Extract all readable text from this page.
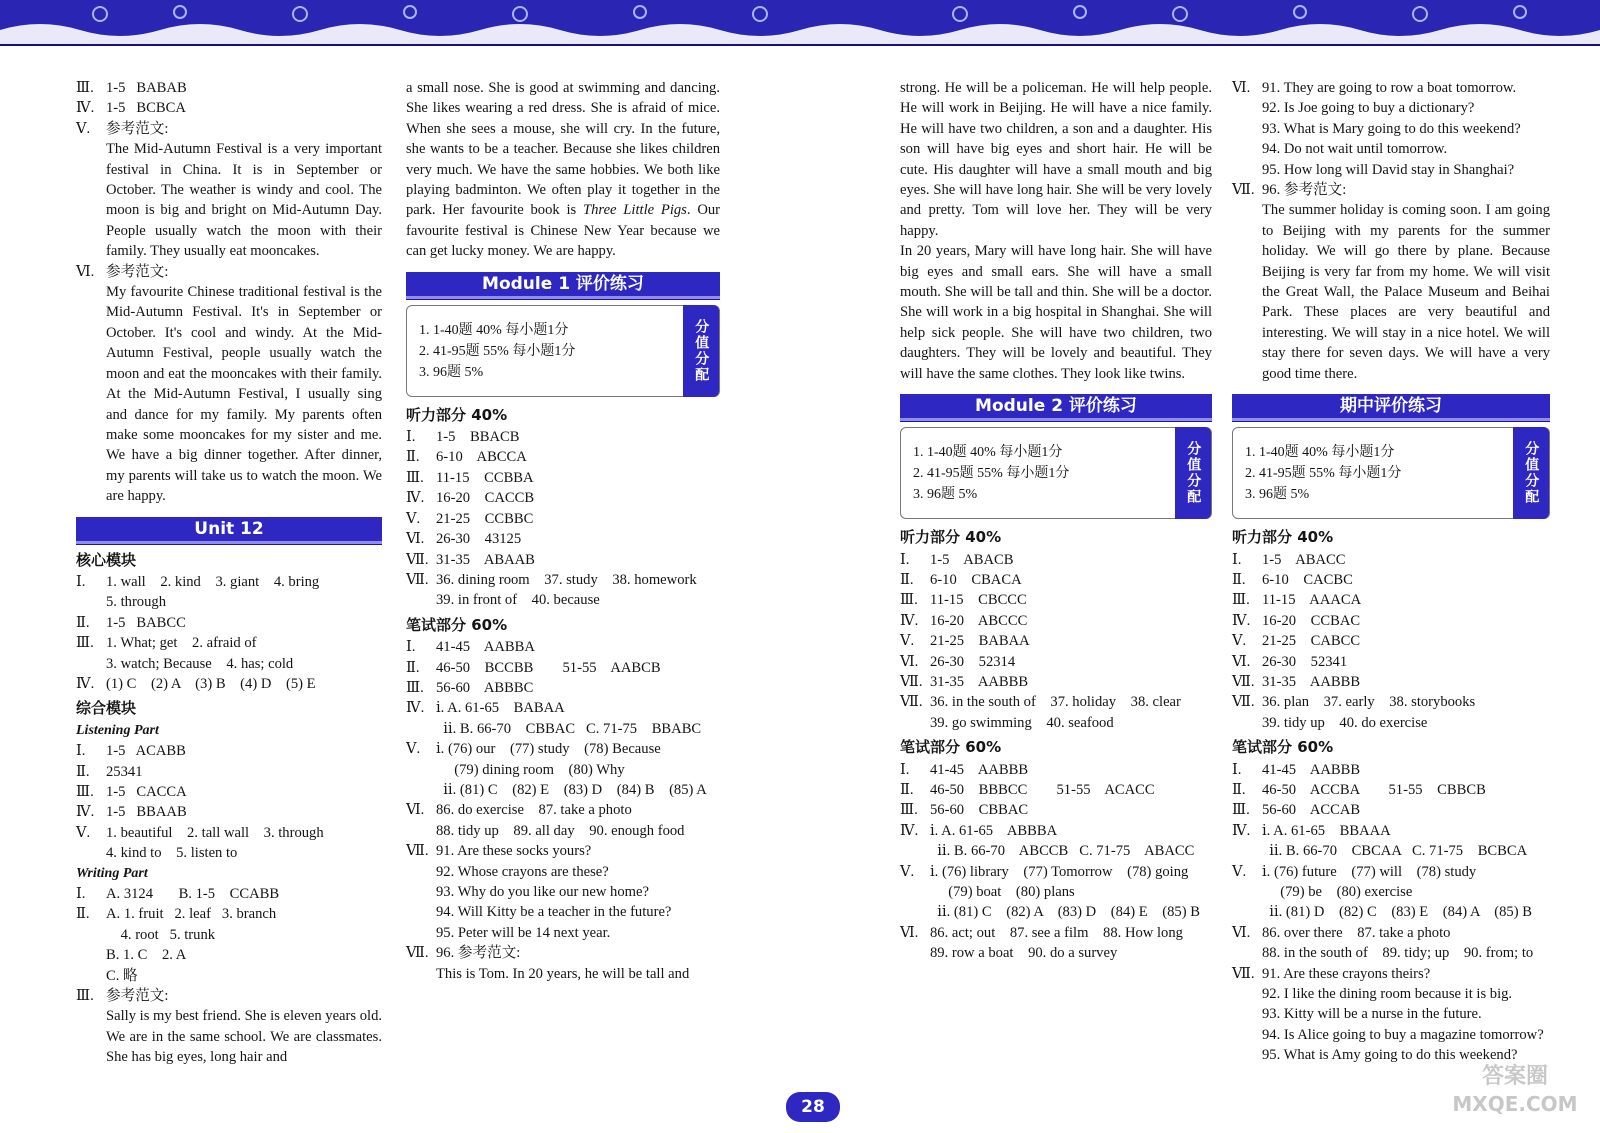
Ⅲ. 1-5   BABAB
Ⅳ. 1-5   BCBCA
Ⅴ.	参考范文:
The Mid-Autumn Festival is a very important festival in China. It is in September or October. The weather is windy and cool. The moon is big and bright on Mid-Autumn Day. People usually watch the moon with their family. They usually eat mooncakes.
Ⅵ. 参考范文:
My favourite Chinese traditional festival is the Mid-Autumn Festival. It's in September or October. It's cool and windy. At the Mid-Autumn Festival, people usually watch the moon and eat the mooncakes with their family. At the Mid-Autumn Festival, I usually sing and dance for my family. My parents often make some mooncakes for my sister and me. We have a big dinner together. After dinner, my parents will take us to watch the moon. We are happy.
Unit 12
核心模块
Ⅰ.	1. wall    2. kind    3. giant    4. bring
5. through
Ⅱ.	1-5   BABCC
Ⅲ. 1. What; get    2. afraid of
3. watch; Because    4. has; cold
Ⅳ. (1) C    (2) A    (3) B    (4) D    (5) E
综合模块
Listening Part
Ⅰ.	1-5   ACABB
Ⅱ.	25341
Ⅲ. 1-5   CACCA
Ⅳ. 1-5   BBAAB
Ⅴ.	1. beautiful    2. tall wall    3. through
4. kind to    5. listen to
Writing Part
Ⅰ.	A. 3124       B. 1-5    CCABB
Ⅱ.	A. 1. fruit   2. leaf   3. branch
4. root   5. trunk
B. 1. C    2. A
C. 略
Ⅲ. 参考范文:
Sally is my best friend. She is eleven years old. We are in the same school. We are classmates. She has big eyes, long hair and
a small nose. She is good at swimming and dancing. She likes wearing a red dress. She is afraid of mice. When she sees a mouse, she will cry. In the future, she wants to be a teacher. Because she likes children very much. We have the same hobbies. We both like playing badminton. We often play it together in the park. Her favourite book is Three Little Pigs. Our favourite festival is Chinese New Year because we can get lucky money. We are happy.
Module 1 评价练习
1. 1-40题 40% 每小题1分
2. 41-95题 55% 每小题1分
3. 96题 5%	分值分配
听力部分 40%
Ⅰ.	1-5    BBACB
Ⅱ.	6-10    ABCCA
Ⅲ. 11-15    CCBBA
Ⅳ. 16-20    CACCB
Ⅴ.	21-25    CCBBC
Ⅵ. 26-30    43125
Ⅶ. 31-35    ABAAB
Ⅶ. 36. dining room    37. study    38. homework
39. in front of    40. because
笔试部分 60%
Ⅰ.	41-45    AABBA
Ⅱ.	46-50    BCCBB        51-55    AABCB
Ⅲ. 56-60    ABBBC
Ⅳ. ⅰ. A. 61-65    BABAA
ⅱ. B. 66-70    CBBAC   C. 71-75    BBABC
Ⅴ.	ⅰ. (76) our    (77) study    (78) Because
(79) dining room    (80) Why
ⅱ. (81) C    (82) E    (83) D    (84) B    (85) A
Ⅵ. 86. do exercise    87. take a photo
88. tidy up    89. all day    90. enough food
Ⅶ. 91. Are these socks yours?
92. Whose crayons are these?
93. Why do you like our new home?
94. Will Kitty be a teacher in the future?
95. Peter will be 14 next year.
Ⅶ. 96. 参考范文:
This is Tom. In 20 years, he will be tall and
strong. He will be a policeman. He will help people. He will work in Beijing. He will have a nice family. He will have two children, a son and a daughter. His son will have big eyes and short hair. He will be cute. His daughter will have a small mouth and big eyes. She will have long hair. She will be very lovely and pretty. Tom will love her. They will be very happy.
In 20 years, Mary will have long hair. She will have big eyes and small ears. She will have a small mouth. She will be tall and thin. She will be a doctor. She will work in a big hospital in Shanghai. She will help sick people. She will have two children, two daughters. They will be lovely and beautiful. They will have the same clothes. They look like twins.
Module 2 评价练习
1. 1-40题 40% 每小题1分
2. 41-95题 55% 每小题1分
3. 96题 5%	分值分配
听力部分 40%
Ⅰ.	1-5    ABACB
Ⅱ.	6-10    CBACA
Ⅲ. 11-15    CBCCC
Ⅳ. 16-20    ABCCC
Ⅴ.	21-25    BABAA
Ⅵ. 26-30    52314
Ⅶ. 31-35    AABBB
Ⅶ. 36. in the south of    37. holiday    38. clear
39. go swimming    40. seafood
笔试部分 60%
Ⅰ.	41-45    AABBB
Ⅱ.	46-50    BBBCC        51-55    ACACC
Ⅲ. 56-60    CBBAC
Ⅳ. ⅰ. A. 61-65    ABBBA
ⅱ. B. 66-70    ABCCB   C. 71-75    ABACC
Ⅴ.	ⅰ. (76) library    (77) Tomorrow    (78) going
(79) boat    (80) plans
ⅱ. (81) C    (82) A    (83) D    (84) E    (85) B
Ⅵ. 86. act; out    87. see a film    88. How long
89. row a boat    90. do a survey
Ⅵ. 91. They are going to row a boat tomorrow.
92. Is Joe going to buy a dictionary?
93. What is Mary going to do this weekend?
94. Do not wait until tomorrow.
95. How long will David stay in Shanghai?
Ⅶ. 96. 参考范文:
The summer holiday is coming soon. I am going to Beijing with my parents for the summer holiday. We will go there by plane. Because Beijing is very far from my home. We will visit the Great Wall, the Palace Museum and Beihai Park. These places are very beautiful and interesting. We will stay in a nice hotel. We will stay there for seven days. We will have a very good time there.
期中评价练习
1. 1-40题 40% 每小题1分
2. 41-95题 55% 每小题1分
3. 96题 5%	分值分配
听力部分 40%
Ⅰ.	1-5    ABACC
Ⅱ.	6-10    CACBC
Ⅲ. 11-15    AAACA
Ⅳ. 16-20    CCBAC
Ⅴ.	21-25    CABCC
Ⅵ. 26-30    52341
Ⅶ. 31-35    AABBB
Ⅶ. 36. plan    37. early    38. storybooks
39. tidy up    40. do exercise
笔试部分 60%
Ⅰ.	41-45    AABBB
Ⅱ.	46-50    ACCBA        51-55    CBBCB
Ⅲ. 56-60    ACCAB
Ⅳ. ⅰ. A. 61-65    BBAAA
ⅱ. B. 66-70    CBCAA   C. 71-75    BCBCA
Ⅴ.	ⅰ. (76) future    (77) will    (78) study
(79) be    (80) exercise
ⅱ. (81) D    (82) C    (83) E    (84) A    (85) B
Ⅵ. 86. over there    87. take a photo
88. in the south of    89. tidy; up    90. from; to
Ⅶ. 91. Are these crayons theirs?
92. I like the dining room because it is big.
93. Kitty will be a nurse in the future.
94. Is Alice going to buy a magazine tomorrow?
95. What is Amy going to do this weekend?
28
答案圈
MXQE.COM
